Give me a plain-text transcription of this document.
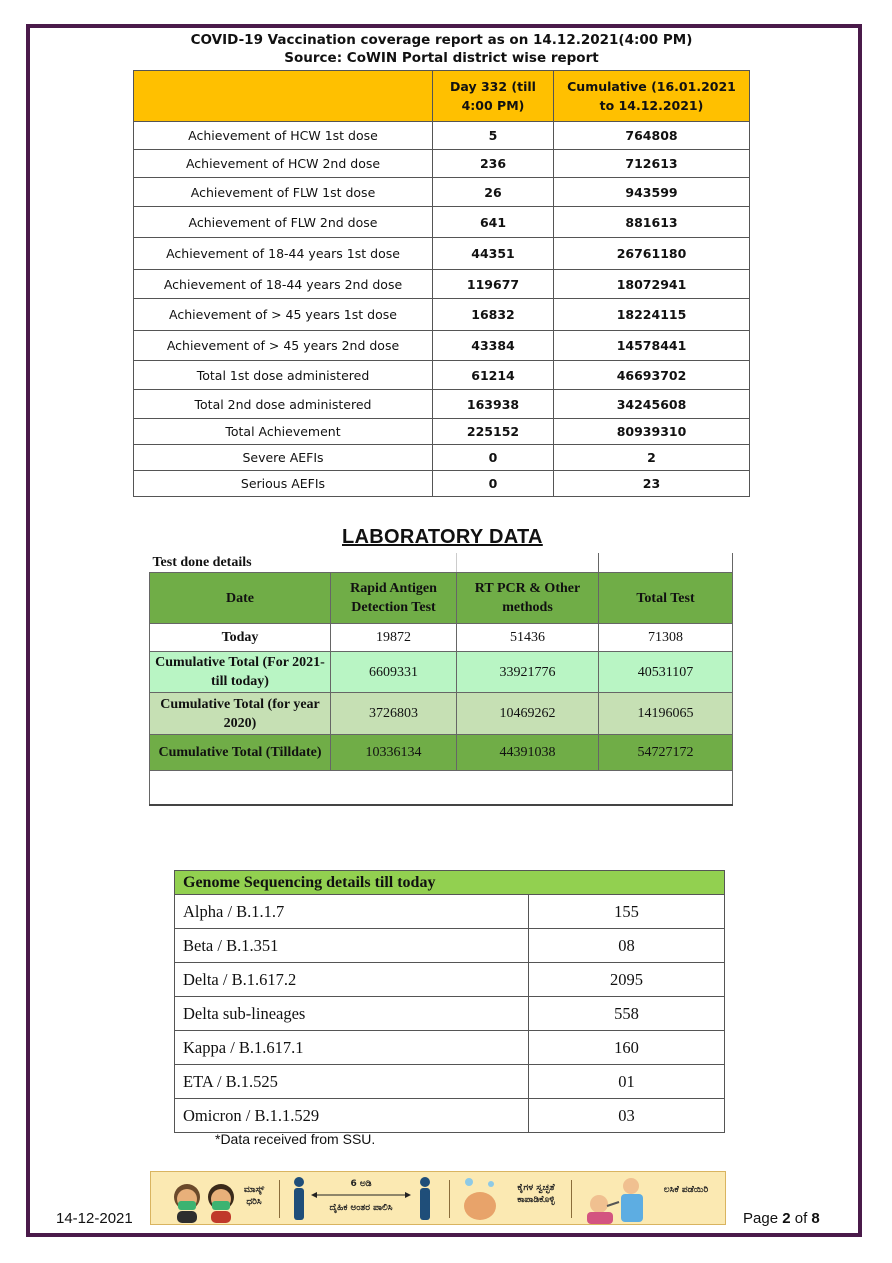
COVID-19 Vaccination coverage report as on 14.12.2021(4:00 PM)
Source: CoWIN Portal district wise report
	Day 332 (till 4:00 PM)	Cumulative (16.01.2021 to 14.12.2021)
Achievement of HCW 1st dose	5	764808
Achievement of HCW 2nd dose	236	712613
Achievement of FLW 1st dose	26	943599
Achievement of FLW 2nd dose	641	881613
Achievement of 18-44 years 1st dose	44351	26761180
Achievement of 18-44 years 2nd dose	119677	18072941
Achievement of > 45 years 1st dose	16832	18224115
Achievement of > 45 years 2nd dose	43384	14578441
Total 1st dose administered	61214	46693702
Total 2nd dose administered	163938	34245608
Total Achievement	225152	80939310
Severe AEFIs	0	2
Serious AEFIs	0	23
LABORATORY DATA
Test done details			
Date	Rapid Antigen Detection Test	RT PCR & Other methods	Total Test
Today	19872	51436	71308
Cumulative Total (For 2021- till today)	6609331	33921776	40531107
Cumulative Total (for year 2020)	3726803	10469262	14196065
Cumulative Total (Tilldate)	10336134	44391038	54727172

Genome Sequencing details till today	
Alpha / B.1.1.7	155
Beta / B.1.351	08
Delta / B.1.617.2	2095
Delta sub-lineages	558
Kappa / B.1.617.1	160
ETA / B.1.525	01
Omicron / B.1.1.529	03
*Data received from SSU.
14-12-2021
ಮಾಸ್ಕ್ ಧರಿಸಿ
6 ಅಡಿ
ದೈಹಿಕ ಅಂತರ ಪಾಲಿಸಿ
ಕೈಗಳ ಸ್ವಚ್ಛತೆ ಕಾಪಾಡಿಕೊಳ್ಳಿ
ಲಸಿಕೆ ಪಡೆಯಿರಿ
Page 2 of 8
